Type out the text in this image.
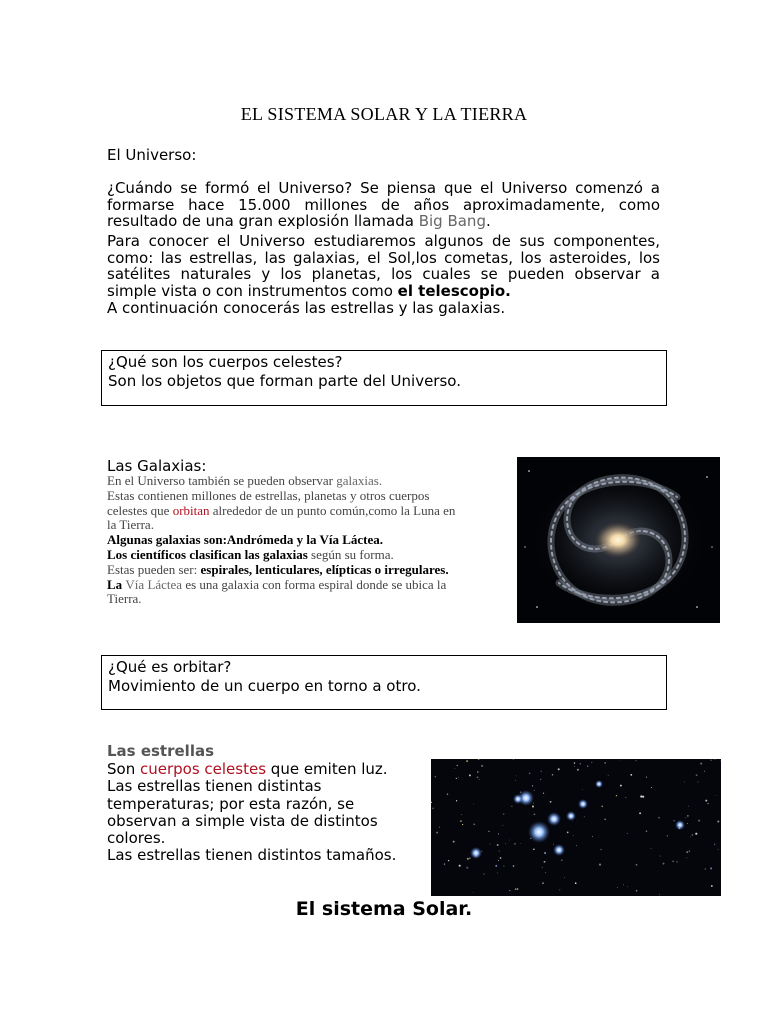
EL SISTEMA SOLAR Y LA TIERRA
El Universo:
¿Cuándo se formó el Universo? Se piensa que el Universo comenzó a formarse hace 15.000 millones de años aproximadamente, como resultado de una gran explosión llamada Big Bang.
Para conocer el Universo estudiaremos algunos de sus componentes, como: las estrellas, las galaxias, el Sol,los cometas, los asteroides, los satélites naturales y los planetas, los cuales se pueden observar a simple vista o con instrumentos como el telescopio.
A continuación conocerás las estrellas y las galaxias.
¿Qué son los cuerpos celestes?
Son los objetos que forman parte del Universo.
Las Galaxias:
En el Universo también se pueden observar galaxias.
Estas contienen millones de estrellas, planetas y otros cuerpos celestes que orbitan alrededor de un punto común,como la Luna en la Tierra.
Algunas galaxias son:Andrómeda y la Vía Láctea.
Los científicos clasifican las galaxias según su forma.
Estas pueden ser: espirales, lenticulares, elípticas o irregulares.
La Vía Láctea es una galaxia con forma espiral donde se ubica la Tierra.
¿Qué es orbitar?
Movimiento de un cuerpo en torno a otro.
Las estrellas
Son cuerpos celestes que emiten luz. Las estrellas tienen distintas temperaturas; por esta razón, se observan a simple vista de distintos colores.
Las estrellas tienen distintos tamaños.
El sistema Solar.
